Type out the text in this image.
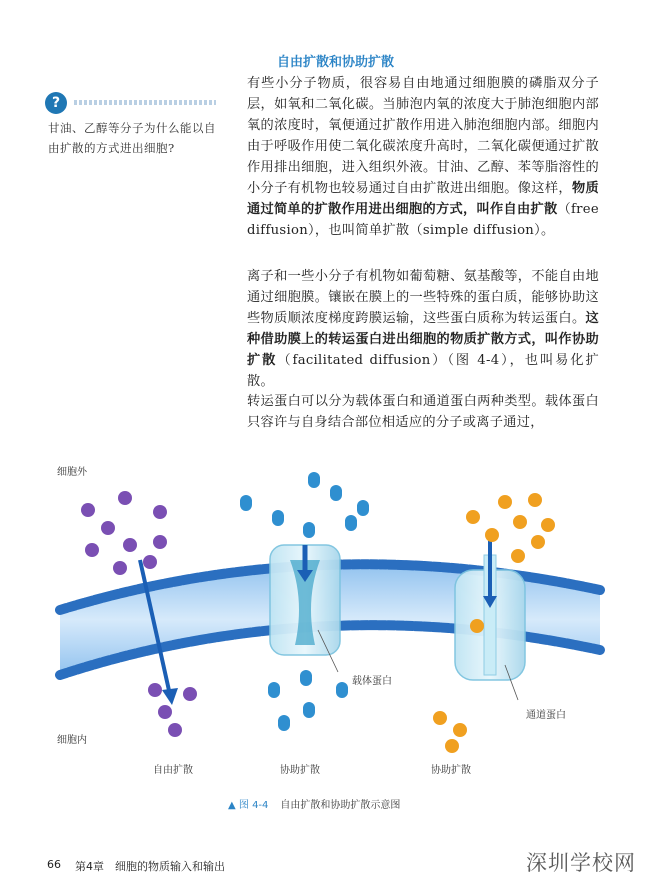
自由扩散和协助扩散
?
甘油、乙醇等分子为什么能以自由扩散的方式进出细胞?
有些小分子物质，很容易自由地通过细胞膜的磷脂双分子层，如氧和二氧化碳。当肺泡内氧的浓度大于肺泡细胞内部氧的浓度时，氧便通过扩散作用进入肺泡细胞内部。细胞内由于呼吸作用使二氧化碳浓度升高时，二氧化碳便通过扩散作用排出细胞，进入组织外液。甘油、乙醇、苯等脂溶性的小分子有机物也较易通过自由扩散进出细胞。像这样，物质通过简单的扩散作用进出细胞的方式，叫作自由扩散（free diffusion），也叫简单扩散（simple diffusion）。
离子和一些小分子有机物如葡萄糖、氨基酸等，不能自由地通过细胞膜。镶嵌在膜上的一些特殊的蛋白质，能够协助这些物质顺浓度梯度跨膜运输，这些蛋白质称为转运蛋白。这种借助膜上的转运蛋白进出细胞的物质扩散方式，叫作协助扩散（facilitated diffusion）（图 4-4），也叫易化扩散。
转运蛋白可以分为载体蛋白和通道蛋白两种类型。载体蛋白只容许与自身结合部位相适应的分子或离子通过，
细胞外
细胞内
载体蛋白
通道蛋白
自由扩散	协助扩散	协助扩散
▲ 图 4-4 自由扩散和协助扩散示意图
66 第4章　细胞的物质输入和输出	深圳学校网
